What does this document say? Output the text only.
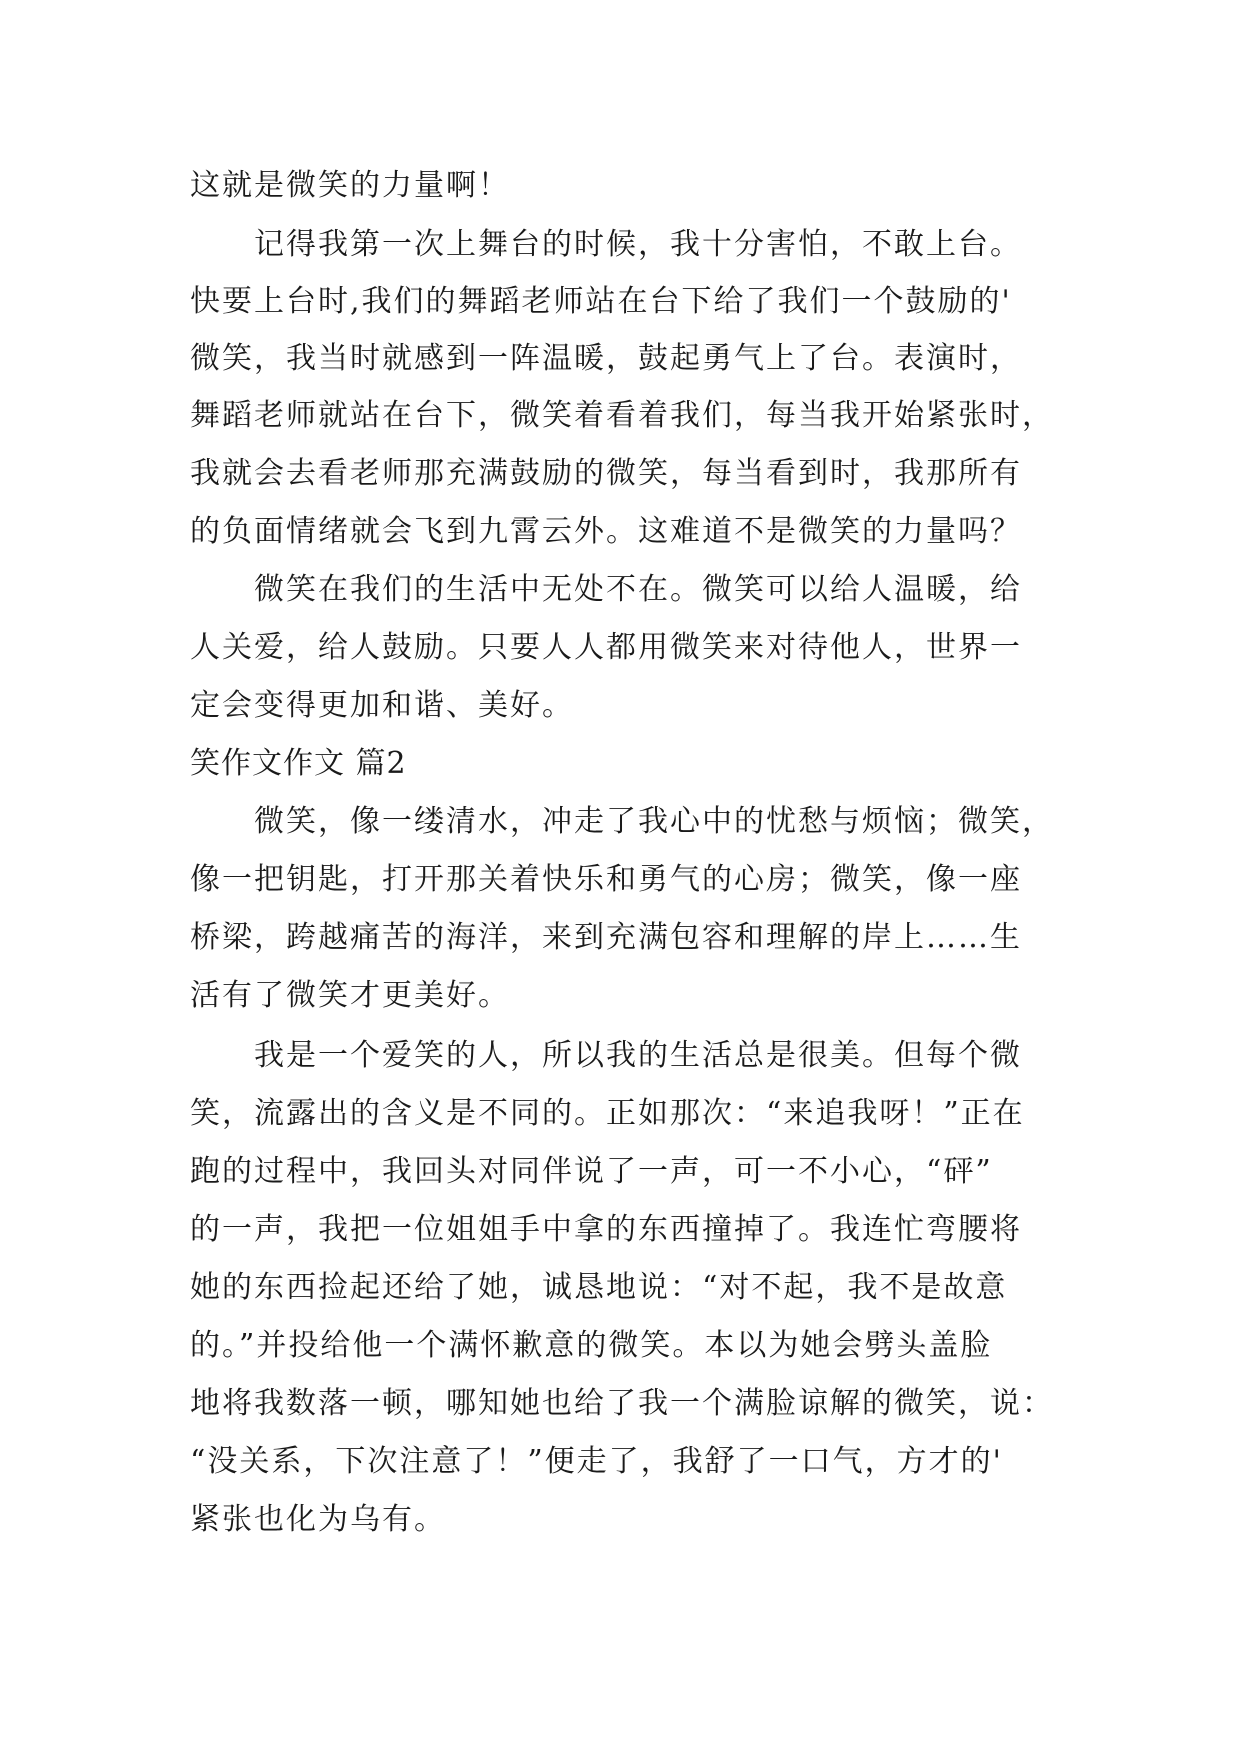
这就是微笑的力量啊！
记得我第一次上舞台的时候，我十分害怕，不敢上台。
快要上台时,我们的舞蹈老师站在台下给了我们一个鼓励的'
微笑，我当时就感到一阵温暖，鼓起勇气上了台。表演时，
舞蹈老师就站在台下，微笑着看着我们，每当我开始紧张时，
我就会去看老师那充满鼓励的微笑，每当看到时，我那所有
的负面情绪就会飞到九霄云外。这难道不是微笑的力量吗？
微笑在我们的生活中无处不在。微笑可以给人温暖，给
人关爱，给人鼓励。只要人人都用微笑来对待他人，世界一
定会变得更加和谐、美好。
笑作文作文 篇2
微笑，像一缕清水，冲走了我心中的忧愁与烦恼；微笑，
像一把钥匙，打开那关着快乐和勇气的心房；微笑，像一座
桥梁，跨越痛苦的海洋，来到充满包容和理解的岸上……生
活有了微笑才更美好。
我是一个爱笑的人，所以我的生活总是很美。但每个微
笑，流露出的含义是不同的。正如那次：“来追我呀！”正在
跑的过程中，我回头对同伴说了一声，可一不小心，“砰”
的一声，我把一位姐姐手中拿的东西撞掉了。我连忙弯腰将
她的东西捡起还给了她，诚恳地说：“对不起，我不是故意
的。”并投给他一个满怀歉意的微笑。本以为她会劈头盖脸
地将我数落一顿，哪知她也给了我一个满脸谅解的微笑，说：
“没关系，下次注意了！”便走了，我舒了一口气，方才的'
紧张也化为乌有。
